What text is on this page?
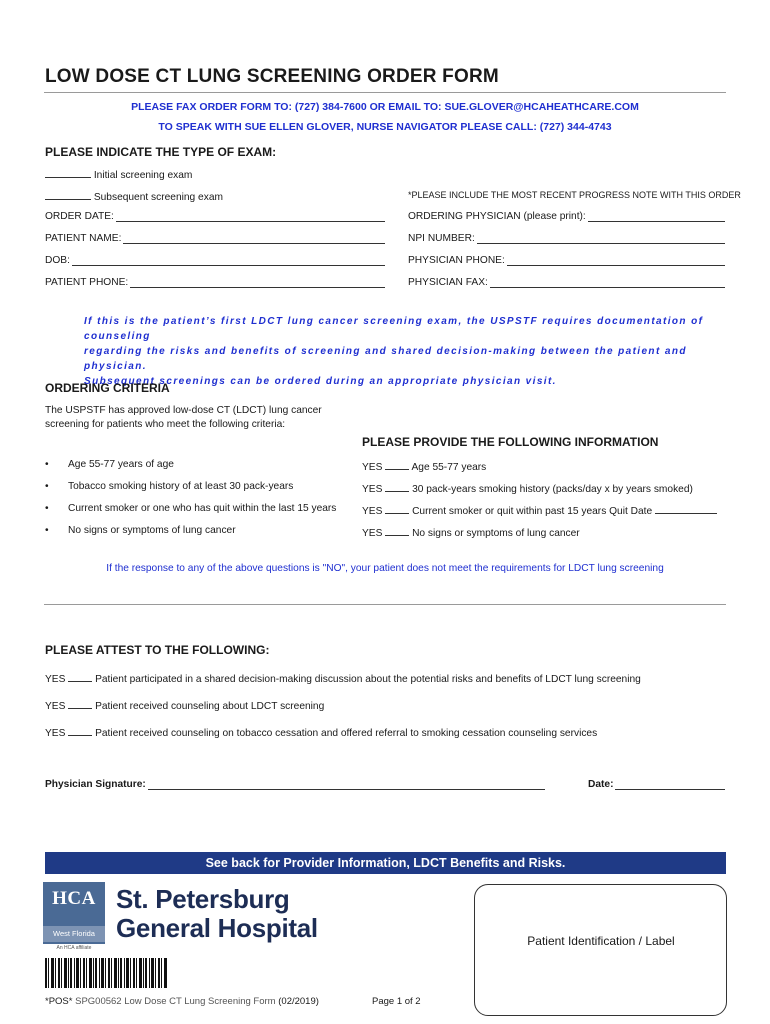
LOW DOSE CT LUNG SCREENING ORDER FORM
PLEASE FAX ORDER FORM TO: (727) 384-7600 OR EMAIL TO: SUE.GLOVER@HCAHEATHCARE.COM
TO SPEAK WITH SUE ELLEN GLOVER, NURSE NAVIGATOR PLEASE CALL: (727) 344-4743
PLEASE INDICATE THE TYPE OF EXAM:
Initial screening exam
Subsequent screening exam	*PLEASE INCLUDE THE MOST RECENT PROGRESS NOTE WITH THIS ORDER
ORDER DATE:	ORDERING PHYSICIAN (please print):
PATIENT NAME:	NPI NUMBER:
DOB:	PHYSICIAN PHONE:
PATIENT PHONE:	PHYSICIAN FAX:
If this is the patient’s first LDCT lung cancer screening exam, the USPSTF requires documentation of counseling
regarding the risks and benefits of screening and shared decision-making between the patient and physician.
Subsequent screenings can be ordered during an appropriate physician visit.
ORDERING CRITERIA
The USPSTF has approved low-dose CT (LDCT) lung cancer
screening for patients who meet the following criteria:
PLEASE PROVIDE THE FOLLOWING INFORMATION
• Age 55-77 years of age
• Tobacco smoking history of at least 30 pack-years
• Current smoker or one who has quit within the last 15 years
• No signs or symptoms of lung cancer
YES	Age 55-77 years
YES	30 pack-years smoking history (packs/day x by years smoked)
YES	Current smoker or quit within past 15 years Quit Date
YES	No signs or symptoms of lung cancer
If the response to any of the above questions is "NO", your patient does not meet the requirements for LDCT lung screening
PLEASE ATTEST TO THE FOLLOWING:
YES	Patient participated in a shared decision-making discussion about the potential risks and benefits of LDCT lung screening
YES	Patient received counseling about LDCT screening
YES	Patient received counseling on tobacco cessation and offered referral to smoking cessation counseling services
Physician Signature:	Date:
See back for Provider Information, LDCT Benefits and Risks.
HCA
West Florida
An HCA affiliate
St. Petersburg
General Hospital	Patient Identification / Label
*POS* SPG00562 Low Dose CT Lung Screening Form (02/2019)	Page 1 of 2
